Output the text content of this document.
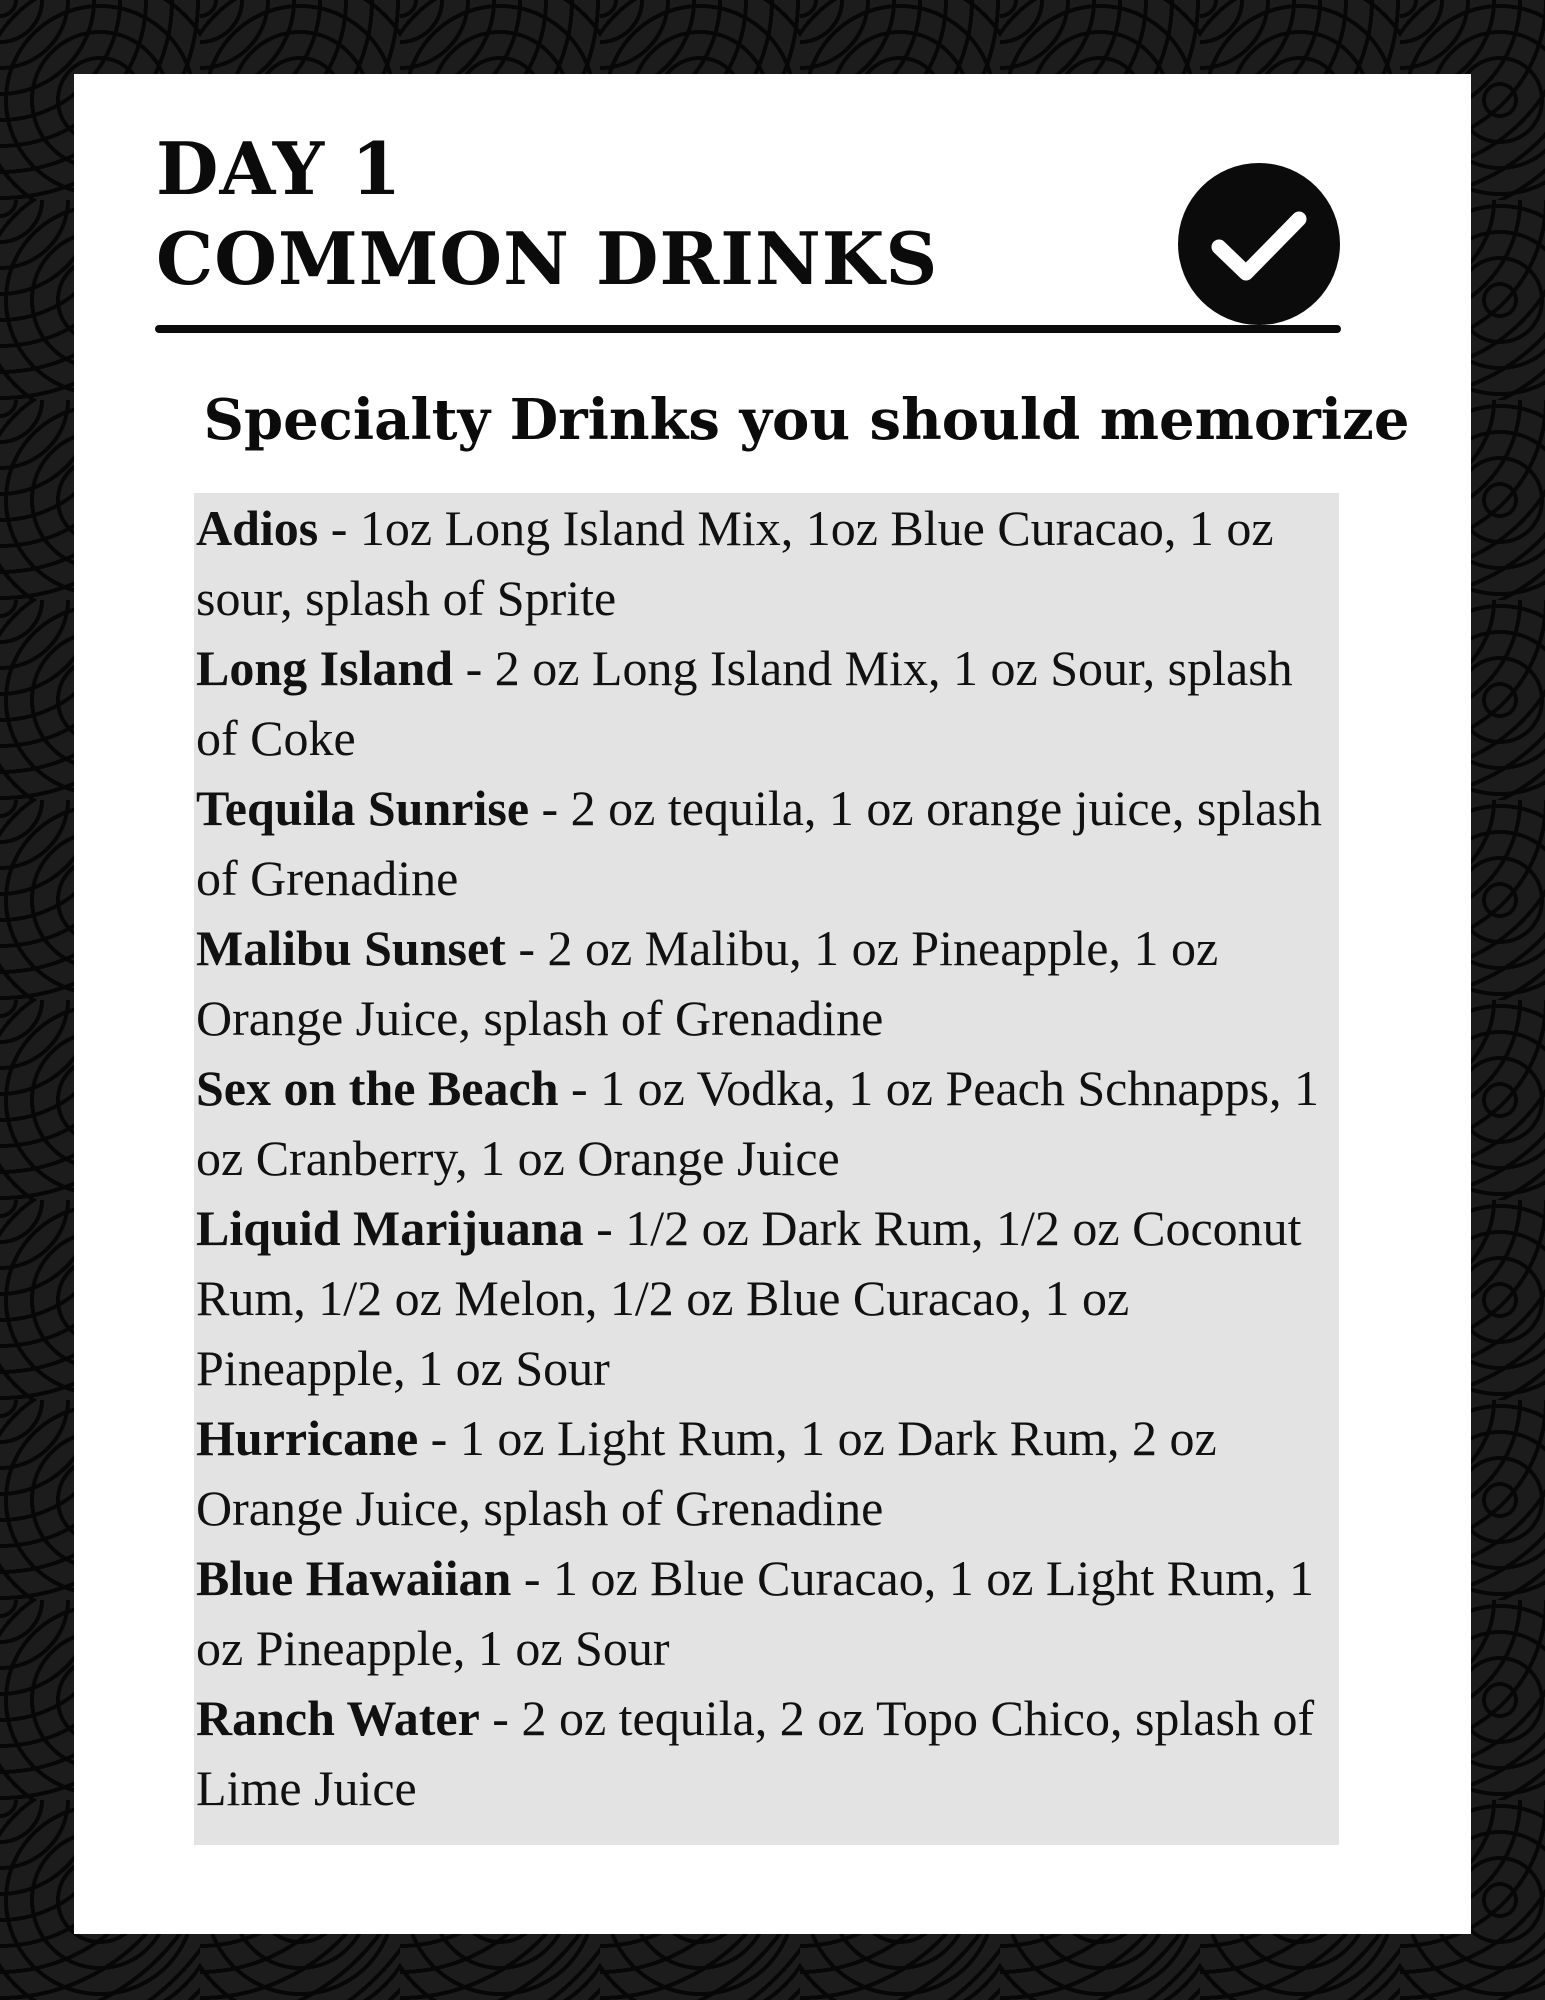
DAY 1
COMMON DRINKS
Specialty Drinks you should memorize

Adios - 1oz Long Island Mix, 1oz Blue Curacao, 1 oz sour, splash of Sprite

Long Island - 2 oz Long Island Mix, 1 oz Sour, splash of Coke

Tequila Sunrise - 2 oz tequila, 1 oz orange juice, splash of Grenadine

Malibu Sunset - 2 oz Malibu, 1 oz Pineapple, 1 oz Orange Juice, splash of Grenadine

Sex on the Beach - 1 oz Vodka, 1 oz Peach Schnapps, 1 oz Cranberry, 1 oz Orange Juice

Liquid Marijuana - 1/2 oz Dark Rum, 1/2 oz Coconut Rum, 1/2 oz Melon, 1/2 oz Blue Curacao, 1 oz Pineapple, 1 oz Sour

Hurricane - 1 oz Light Rum, 1 oz Dark Rum, 2 oz Orange Juice, splash of Grenadine

Blue Hawaiian - 1 oz Blue Curacao, 1 oz Light Rum, 1 oz Pineapple, 1 oz Sour

Ranch Water - 2 oz tequila, 2 oz Topo Chico, splash of Lime Juice
